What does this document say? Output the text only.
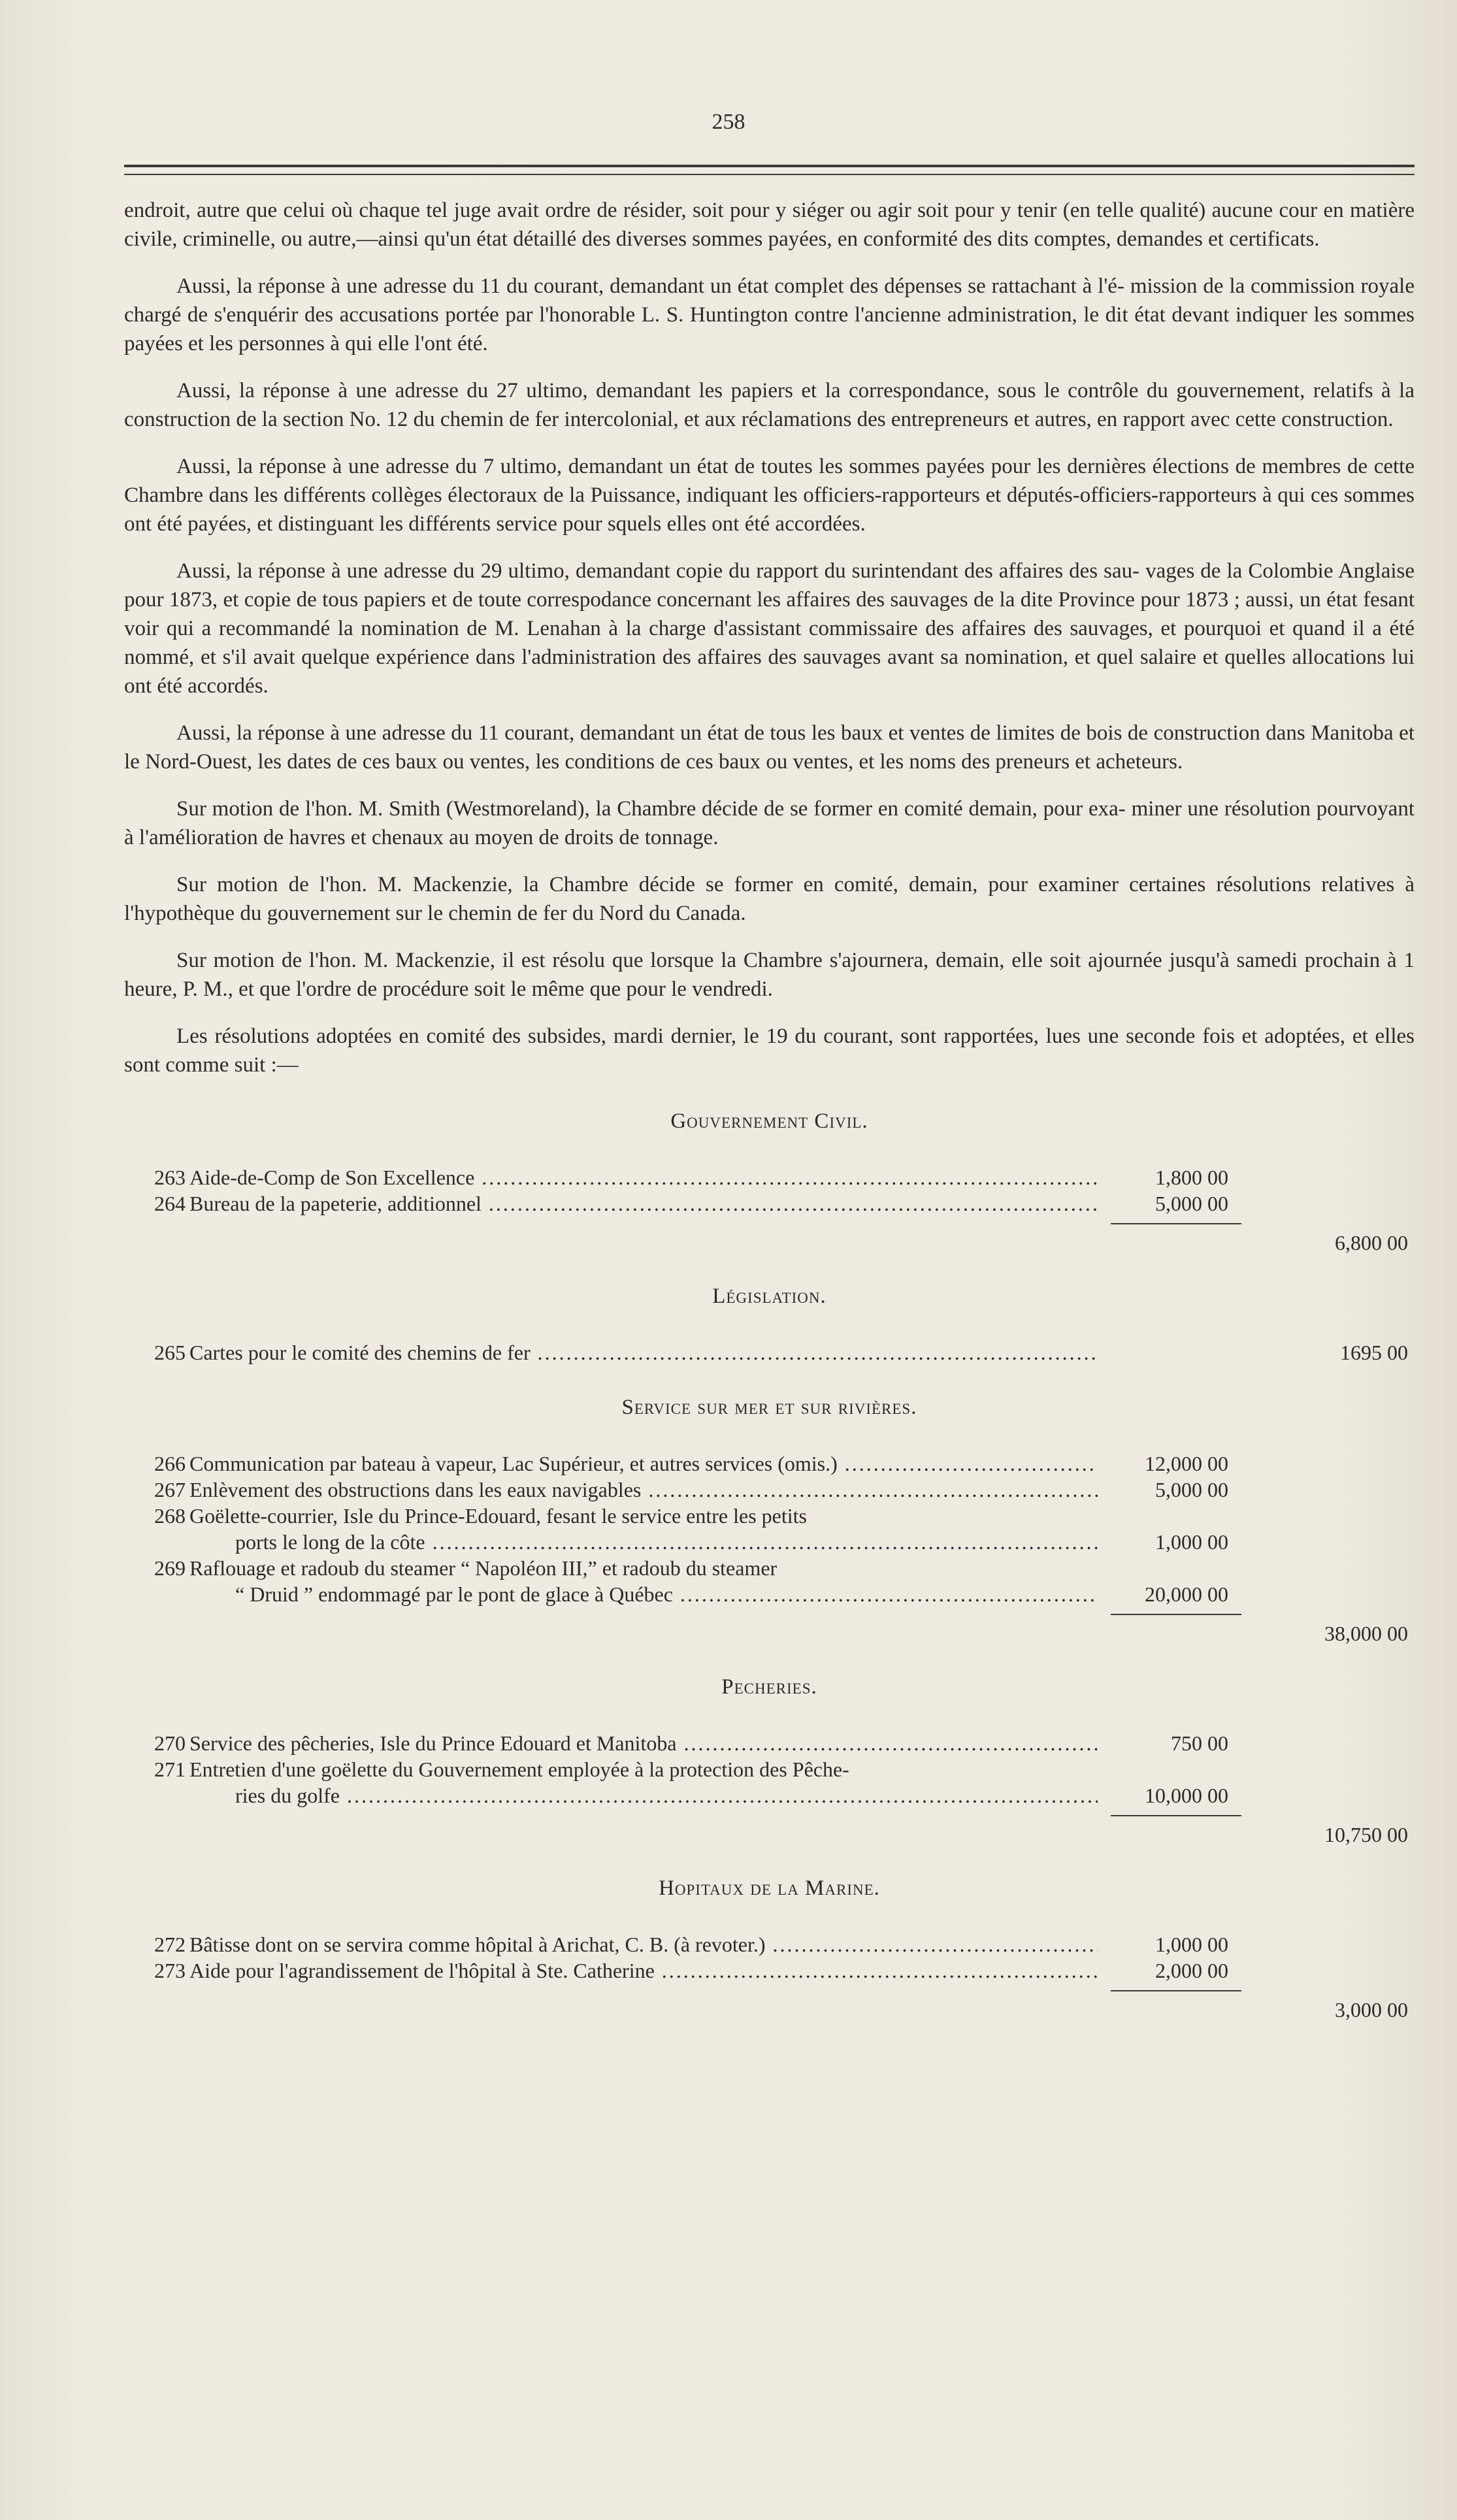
258

endroit, autre que celui où chaque tel juge avait ordre de résider, soit pour y siéger ou agir soit pour y tenir (en telle qualité) aucune cour en matière civile, criminelle, ou autre,—ainsi qu'un état détaillé des diverses sommes payées, en conformité des dits comptes, demandes et certificats.

Aussi, la réponse à une adresse du 11 du courant, demandant un état complet des dépenses se rattachant à l'é- mission de la commission royale chargé de s'enquérir des accusations portée par l'honorable L. S. Huntington contre l'ancienne administration, le dit état devant indiquer les sommes payées et les personnes à qui elle l'ont été.

Aussi, la réponse à une adresse du 27 ultimo, demandant les papiers et la correspondance, sous le contrôle du gouvernement, relatifs à la construction de la section No. 12 du chemin de fer intercolonial, et aux réclamations des entrepreneurs et autres, en rapport avec cette construction.

Aussi, la réponse à une adresse du 7 ultimo, demandant un état de toutes les sommes payées pour les dernières élections de membres de cette Chambre dans les différents collèges électoraux de la Puissance, indiquant les officiers-rapporteurs et députés-officiers-rapporteurs à qui ces sommes ont été payées, et distinguant les différents service pour squels elles ont été accordées.

Aussi, la réponse à une adresse du 29 ultimo, demandant copie du rapport du surintendant des affaires des sau- vages de la Colombie Anglaise pour 1873, et copie de tous papiers et de toute correspodance concernant les affaires des sauvages de la dite Province pour 1873 ; aussi, un état fesant voir qui a recommandé la nomination de M. Lenahan à la charge d'assistant commissaire des affaires des sauvages, et pourquoi et quand il a été nommé, et s'il avait quelque expérience dans l'administration des affaires des sauvages avant sa nomination, et quel salaire et quelles allocations lui ont été accordés.

Aussi, la réponse à une adresse du 11 courant, demandant un état de tous les baux et ventes de limites de bois de construction dans Manitoba et le Nord-Ouest, les dates de ces baux ou ventes, les conditions de ces baux ou ventes, et les noms des preneurs et acheteurs.

Sur motion de l'hon. M. Smith (Westmoreland), la Chambre décide de se former en comité demain, pour exa- miner une résolution pourvoyant à l'amélioration de havres et chenaux au moyen de droits de tonnage.

Sur motion de l'hon. M. Mackenzie, la Chambre décide se former en comité, demain, pour examiner certaines résolutions relatives à l'hypothèque du gouvernement sur le chemin de fer du Nord du Canada.

Sur motion de l'hon. M. Mackenzie, il est résolu que lorsque la Chambre s'ajournera, demain, elle soit ajournée jusqu'à samedi prochain à 1 heure, P. M., et que l'ordre de procédure soit le même que pour le vendredi.

Les résolutions adoptées en comité des subsides, mardi dernier, le 19 du courant, sont rapportées, lues une seconde fois et adoptées, et elles sont comme suit :—

Gouvernement Civil.
263 Aide-de-Comp de Son Excellence .....	1,800 00
264 Bureau de la papeterie, additionnel .....	5,000 00
6,800 00
Législation.
265 Cartes pour le comité des chemins de fer .....	1695 00
Service sur mer et sur rivières.
266 Communication par bateau à vapeur, Lac Supérieur, et autres services (omis.) .....	12,000 00
267 Enlèvement des obstructions dans les eaux navigables .....	5,000 00
268 Goëlette-courrier, Isle du Prince-Edouard, fesant le service entre les petits
ports le long de la côte .....	1,000 00
269 Raflouage et radoub du steamer “ Napoléon III,” et radoub du steamer
“ Druid ” endommagé par le pont de glace à Québec .....	20,000 00
38,000 00
Pecheries.
270 Service des pêcheries, Isle du Prince Edouard et Manitoba .....	750 00
271 Entretien d'une goëlette du Gouvernement employée à la protection des Pêche-
ries du golfe .....	10,000 00
10,750 00
Hopitaux de la Marine.
272 Bâtisse dont on se servira comme hôpital à Arichat, C. B. (à revoter.) .....	1,000 00
273 Aide pour l'agrandissement de l'hôpital à Ste. Catherine .....	2,000 00
3,000 00
